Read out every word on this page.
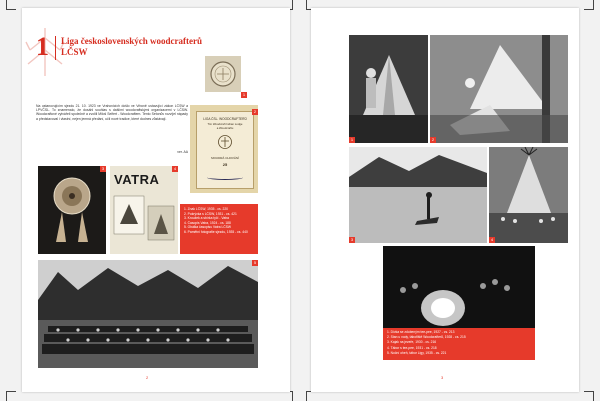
1 Liga československých woodcrafterů
LČSW
1
Na ustanovujícím sjezdu 21. 10. 1923 ve Vrahovicích došlo ve Vrbově ustavující zákon LČSW a LPVČSL. To znamenalo, že dosáhl souhlas s dalšími woodcraftskými organizacemi v LČSW. Woodcraftové vytvářeli společně a zvolili Miloš Seifert - Woodcraftem. Tento Setonův rozvíjel nápady a představoval i vlastní, nejen jemná předání, učil nové tradice, které dodnes zůstávají.
ver. AA
LIGA ČSL. WOODCRAFTERŮ
Tim Woodcraft Indian Lodge
a Woodcraftu
MOUDRÁ CHOVÁNÍ
25
2
3
VATRA
4
1. Znak LČSW, 1935 - cs. 220
2. Pokrývka s LČSW, 1931 - cs. 421
3. Kroužek a sbírka tyčí - Vatra
4. Časopis Vatra, 1924 - cs. 188
5. Obálka časopisu Vatra LČSW
6. Pamětní fotografie sjezdu, 1935 - cs. 440
5
2
1	2
3	4
1. Dívka se zdobeným tee-pee, 1927 - cs. 213
2. Stan u vody, tábořiště Woodcrafterů, 1928 - cs. 215
3. Kajak na jezeře, 1930 - cs. 216
4. Tábor s tee-pee, 1931 - cs. 218
5. Noční oheň, tábor Ligy, 1935 - cs. 221
3
